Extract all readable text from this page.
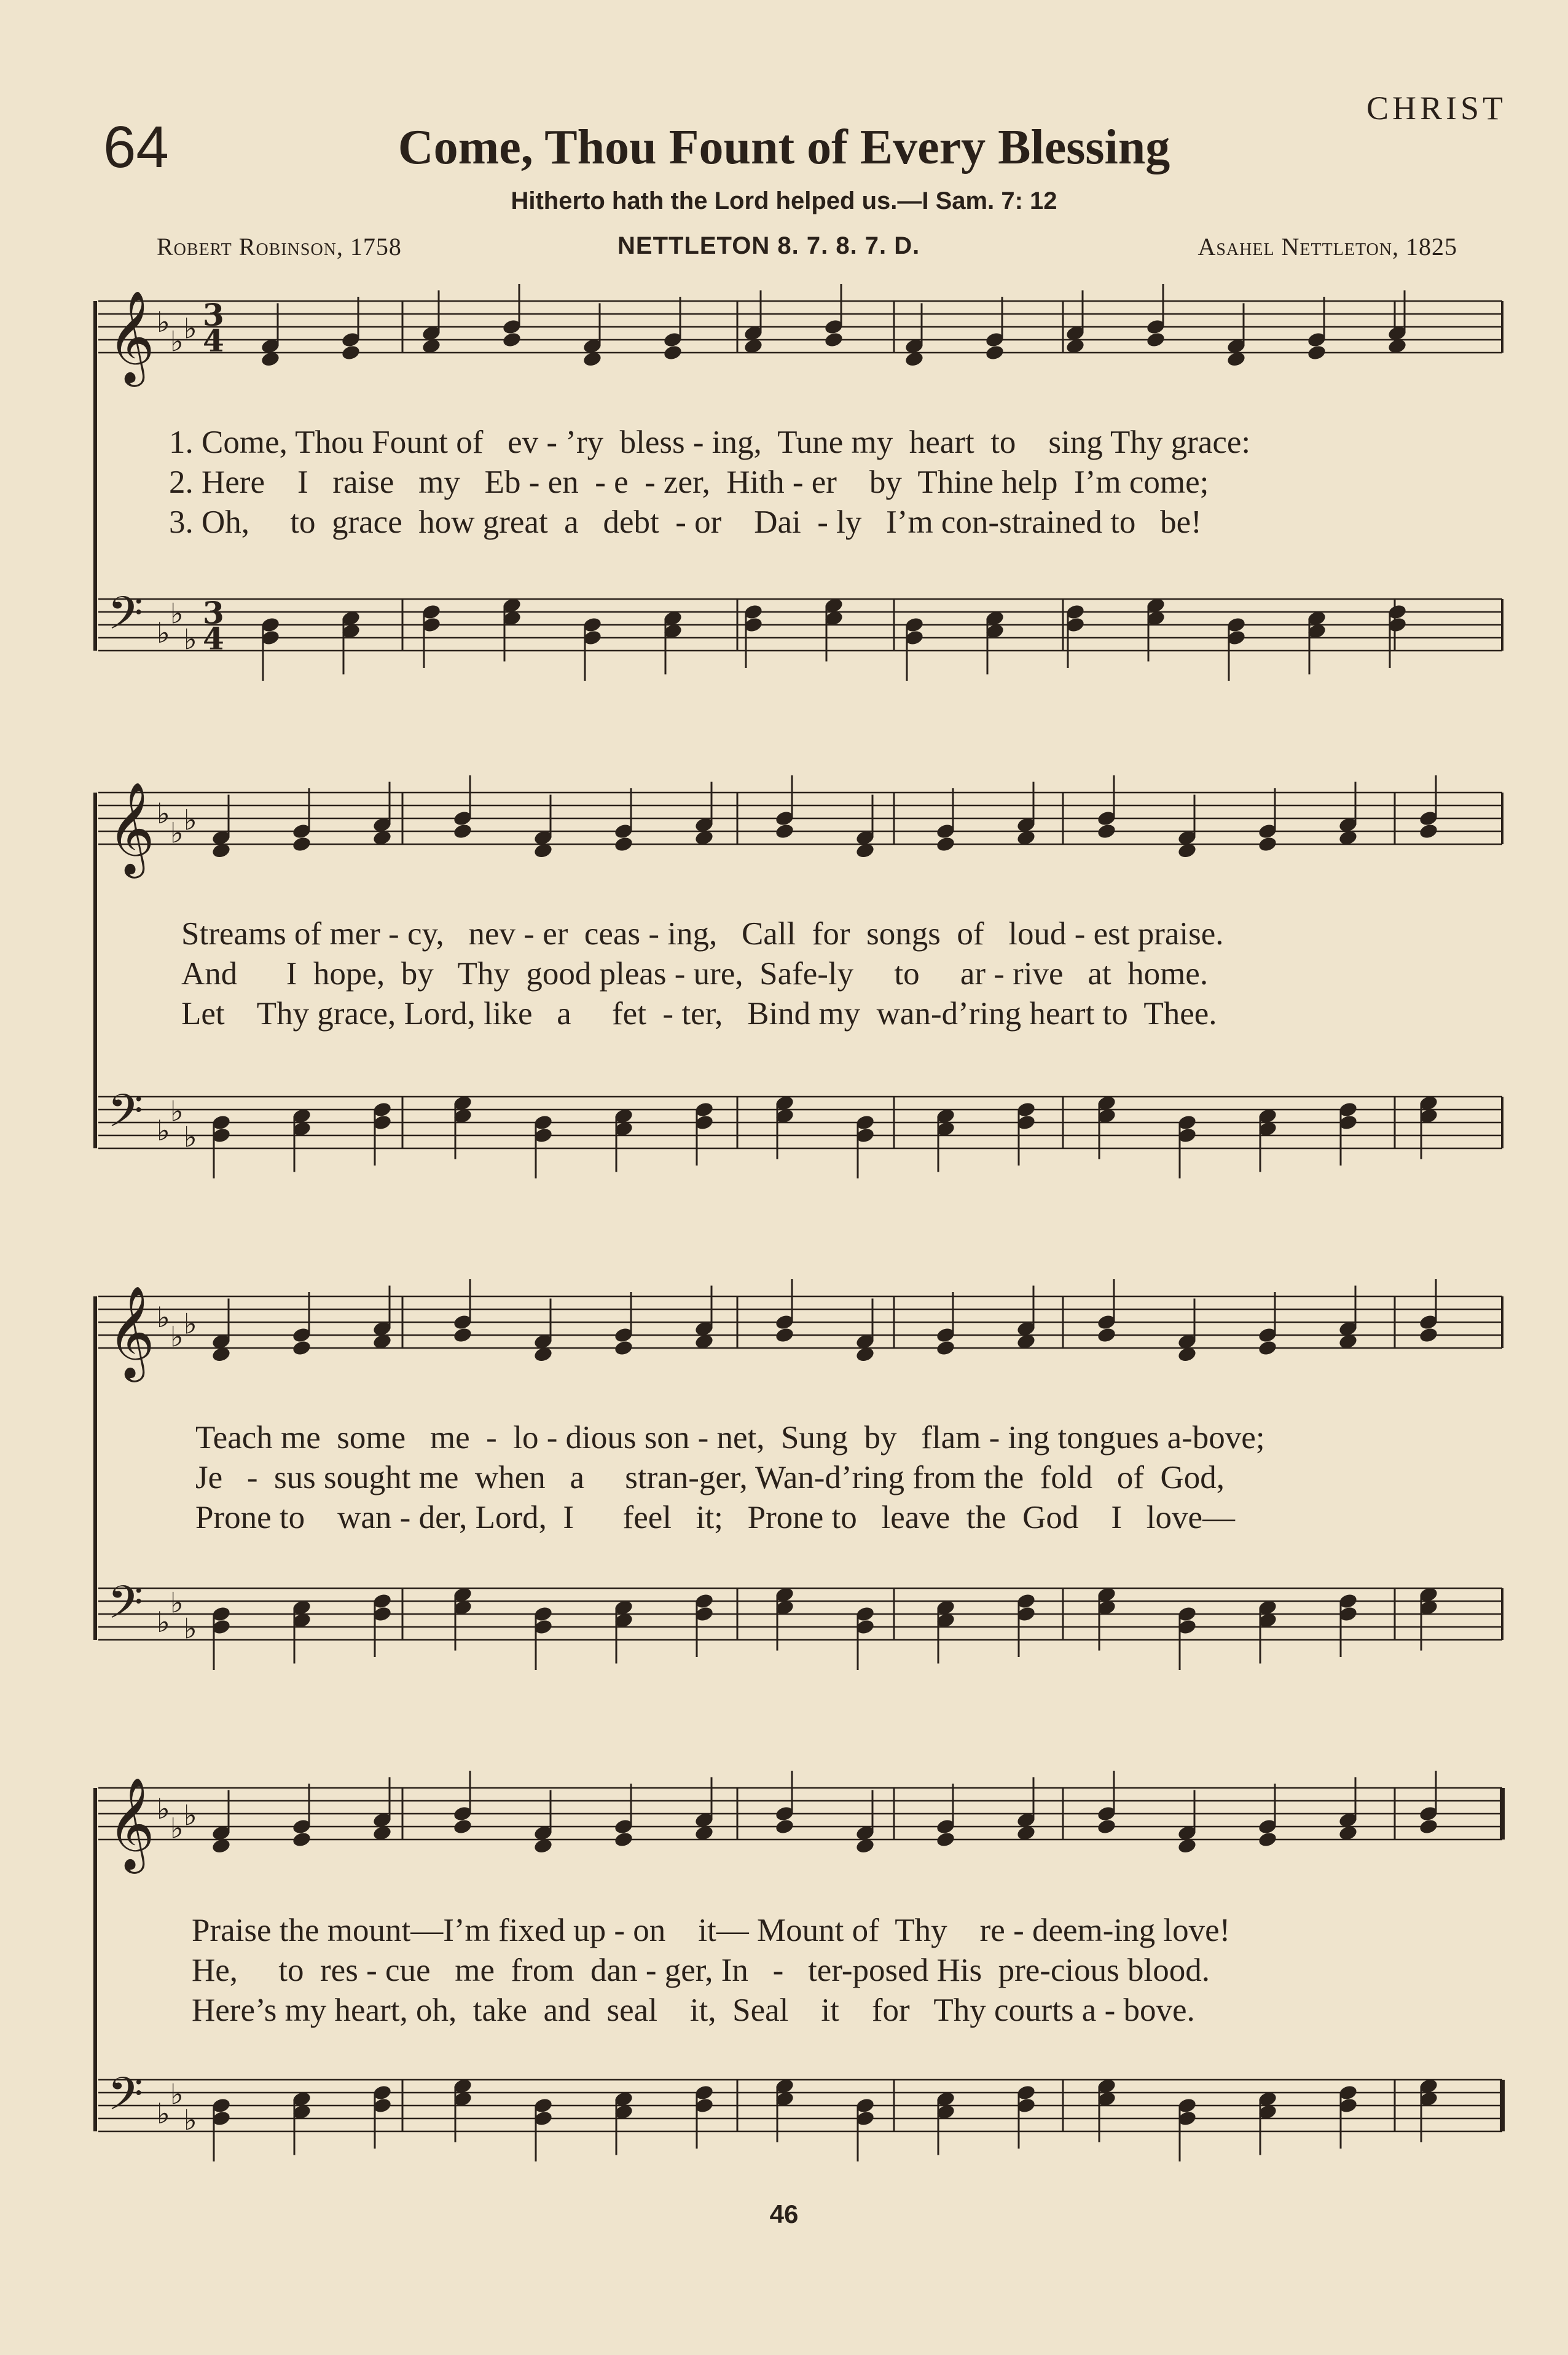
64
CHRIST
Come, Thou Fount of Every Blessing
Hitherto hath the Lord helped us.—I Sam. 7: 12
Robert Robinson, 1758	NETTLETON 8. 7. 8. 7. D.	Asahel Nettleton, 1825
𝄞 ♭
♭ ♭ 3
4
𝄢 ♭
♭
♭
3
4
𝄞 ♭
♭ ♭
𝄢 ♭
♭
♭
𝄞 ♭
♭ ♭
𝄢 ♭
♭
♭
𝄞 ♭
♭ ♭
𝄢 ♭
♭
♭
1. Come, Thou Fount of   ev - ’ry  bless - ing,  Tune my  heart  to    sing Thy grace:
2. Here    I   raise   my   Eb - en  - e  - zer,  Hith - er    by  Thine help  I’m come;
3. Oh,     to  grace  how great  a   debt  - or    Dai  - ly   I’m con-strained to   be!
Streams of mer - cy,   nev - er  ceas - ing,   Call  for  songs  of   loud - est praise.
And      I  hope,  by   Thy  good pleas - ure,  Safe-ly     to     ar - rive   at  home.
Let    Thy grace, Lord, like   a     fet  - ter,   Bind my  wan-d’ring heart to  Thee.
Teach me  some   me  -  lo - dious son - net,  Sung  by   flam - ing tongues a-bove;
Je   -  sus sought me  when   a     stran-ger, Wan-d’ring from the  fold   of  God,
Prone to    wan - der, Lord,  I      feel   it;   Prone to   leave  the  God    I   love—
Praise the mount—I’m fixed up - on    it— Mount of  Thy    re - deem-ing love!
He,     to  res - cue   me  from  dan - ger, In   -   ter-posed His  pre-cious blood.
Here’s my heart, oh,  take  and  seal    it,  Seal    it    for   Thy courts a - bove.
46
